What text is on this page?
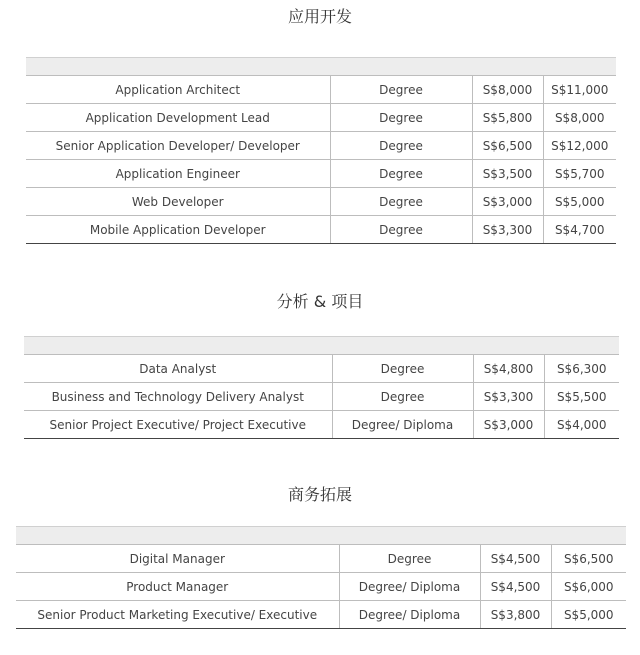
应用开发

Application Architect	Degree	S$8,000	S$11,000
Application Development Lead	Degree	S$5,800	S$8,000
Senior Application Developer/ Developer	Degree	S$6,500	S$12,000
Application Engineer	Degree	S$3,500	S$5,700
Web Developer	Degree	S$3,000	S$5,000
Mobile Application Developer	Degree	S$3,300	S$4,700
分析 & 项目

Data Analyst	Degree	S$4,800	S$6,300
Business and Technology Delivery Analyst	Degree	S$3,300	S$5,500
Senior Project Executive/ Project Executive	Degree/ Diploma	S$3,000	S$4,000
商务拓展

Digital Manager	Degree	S$4,500	S$6,500
Product Manager	Degree/ Diploma	S$4,500	S$6,000
Senior Product Marketing Executive/ Executive	Degree/ Diploma	S$3,800	S$5,000
